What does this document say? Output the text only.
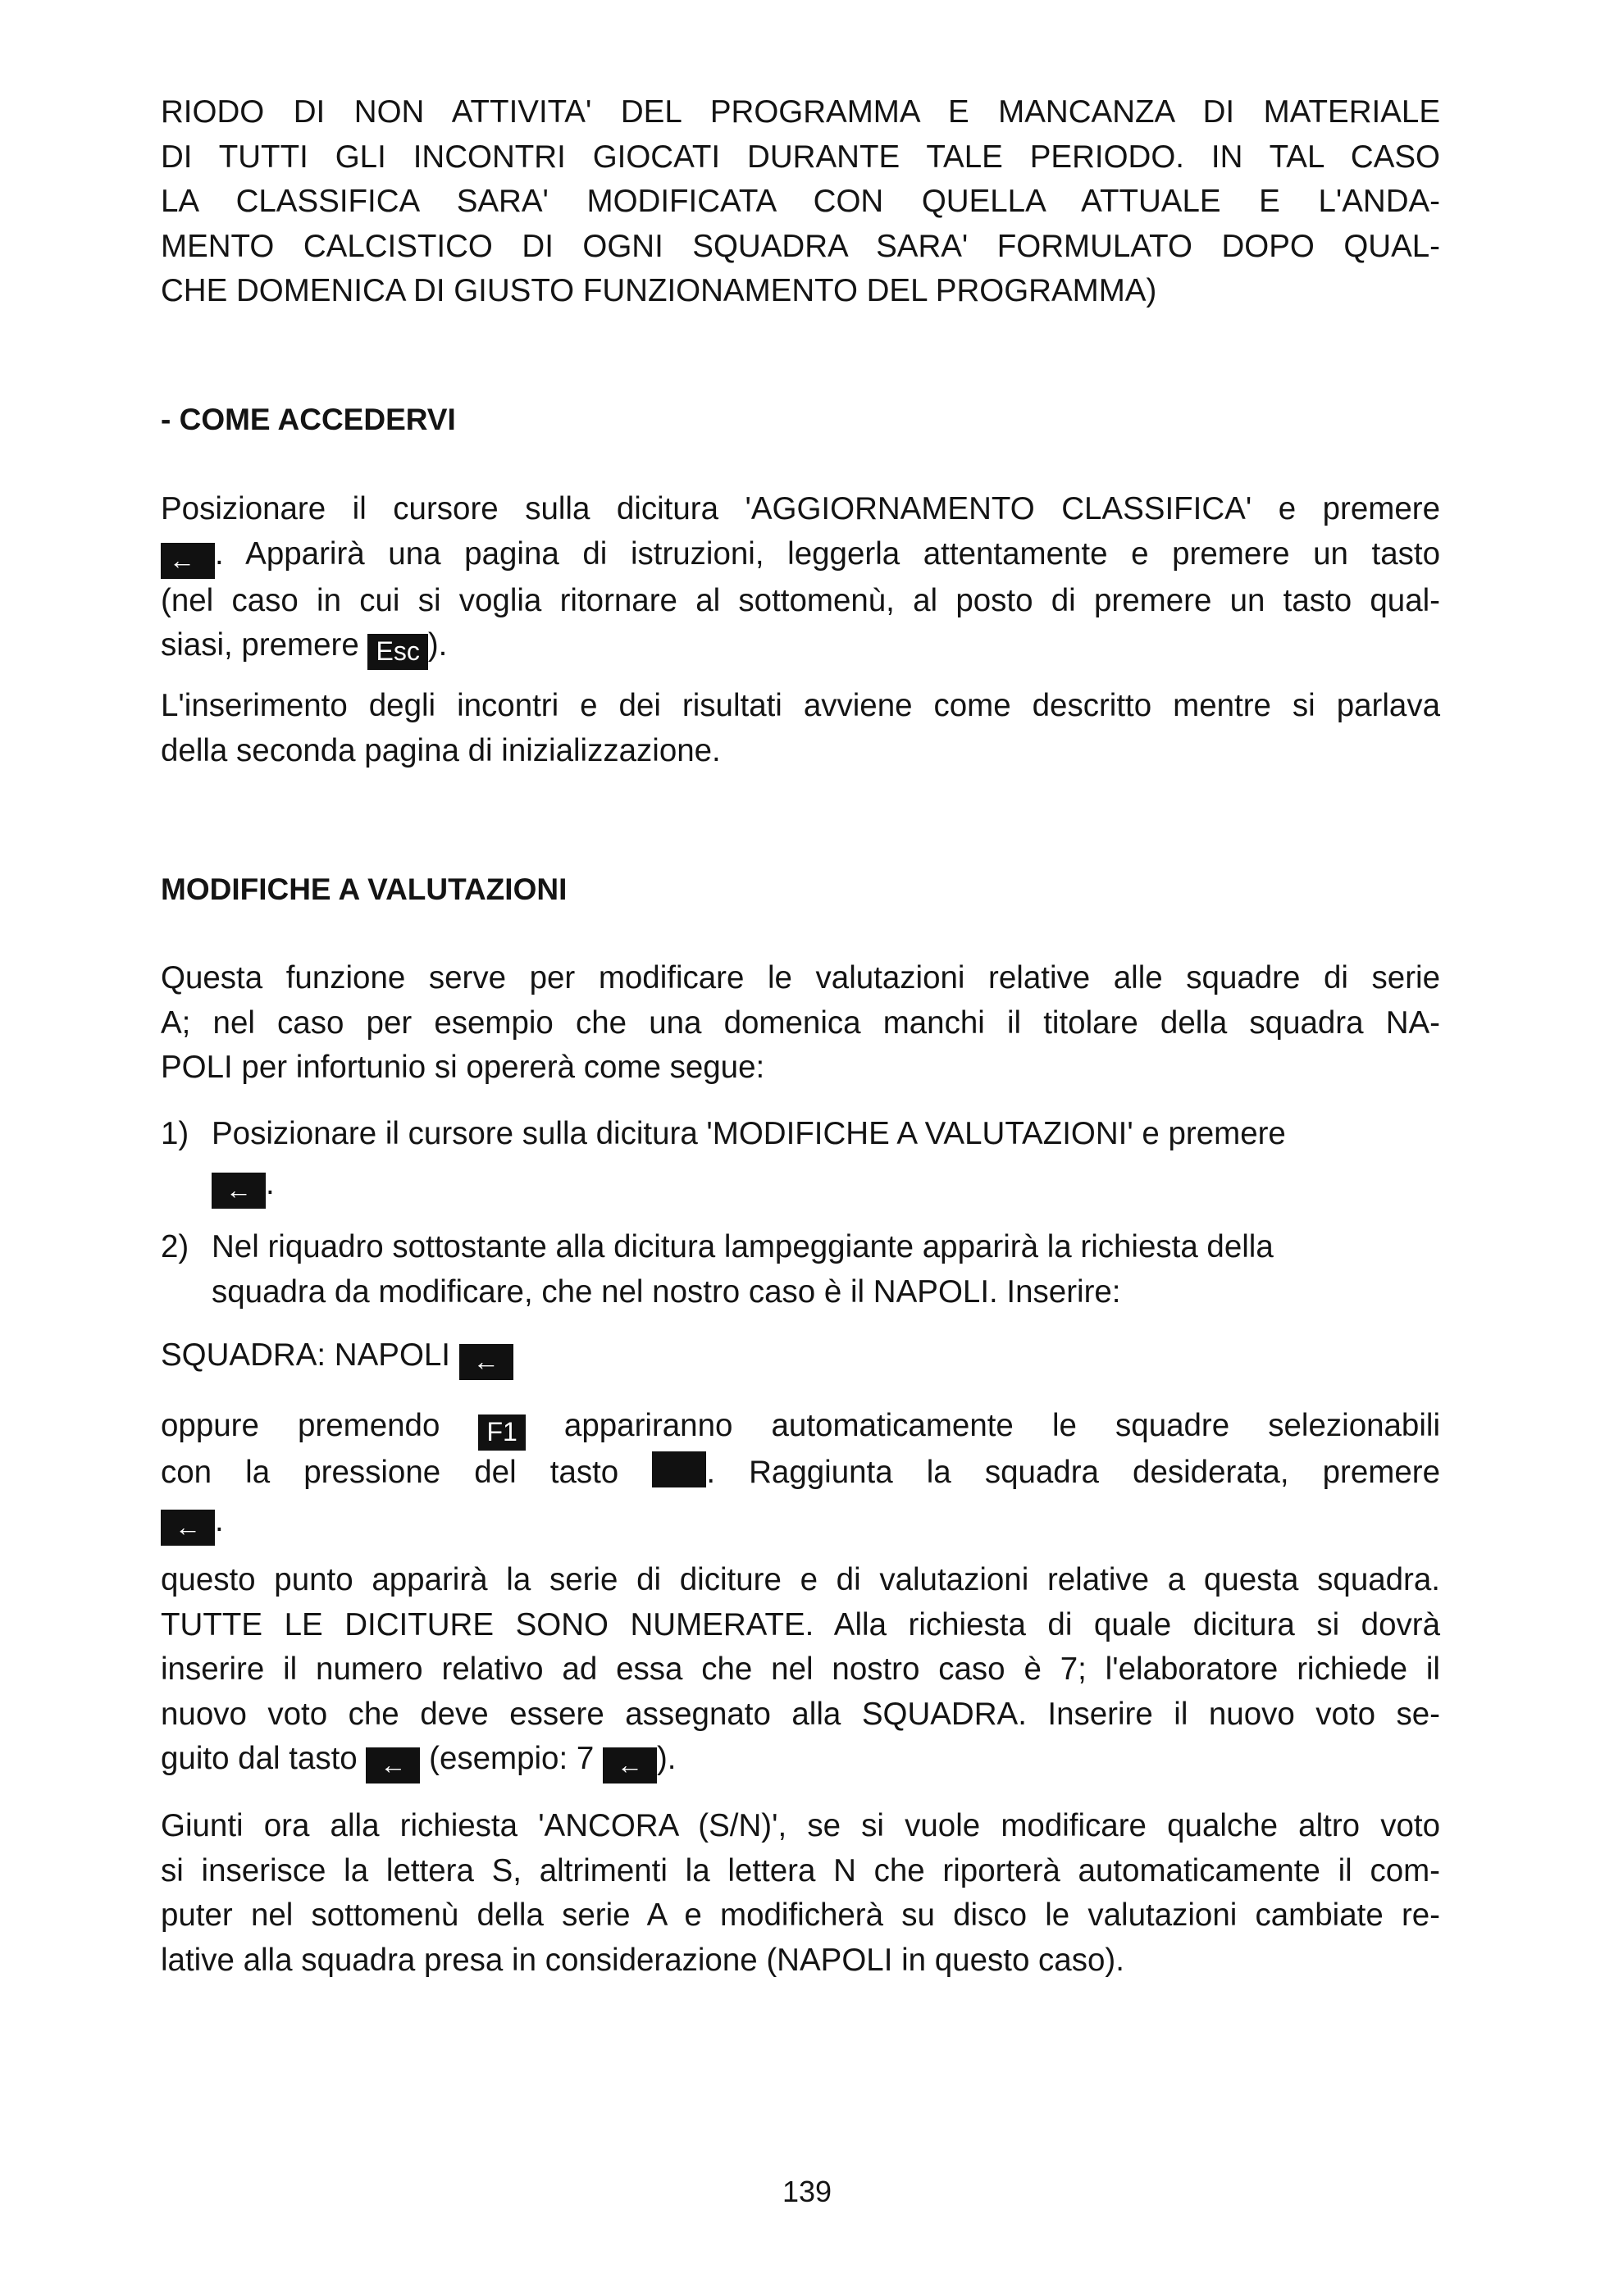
RIODO DI NON ATTIVITA' DEL PROGRAMMA E MANCANZA DI MATERIALE
DI TUTTI GLI INCONTRI GIOCATI DURANTE TALE PERIODO. IN TAL CASO
LA CLASSIFICA SARA' MODIFICATA CON QUELLA ATTUALE E L'ANDA-
MENTO CALCISTICO DI OGNI SQUADRA SARA' FORMULATO DOPO QUAL-
CHE DOMENICA DI GIUSTO FUNZIONAMENTO DEL PROGRAMMA)
- COME ACCEDERVI
Posizionare il cursore sulla dicitura 'AGGIORNAMENTO CLASSIFICA' e premere
← . Apparirà una pagina di istruzioni, leggerla attentamente e premere un tasto
(nel caso in cui si voglia ritornare al sottomenù, al posto di premere un tasto qual-
siasi, premere Esc ).
L'inserimento degli incontri e dei risultati avviene come descritto mentre si parlava
della seconda pagina di inizializzazione.
MODIFICHE A VALUTAZIONI
Questa funzione serve per modificare le valutazioni relative alle squadre di serie
A; nel caso per esempio che una domenica manchi il titolare della squadra NA-
POLI per infortunio si opererà come segue:
1) Posizionare il cursore sulla dicitura 'MODIFICHE A VALUTAZIONI' e premere
← .
2) Nel riquadro sottostante alla dicitura lampeggiante apparirà la richiesta della
squadra da modificare, che nel nostro caso è il NAPOLI. Inserire:
SQUADRA: NAPOLI ←
oppure premendo F1 appariranno automaticamente le squadre selezionabili
con la pressione del tasto . Raggiunta la squadra desiderata, premere
← .
questo punto apparirà la serie di diciture e di valutazioni relative a questa squadra.
TUTTE LE DICITURE SONO NUMERATE. Alla richiesta di quale dicitura si dovrà
inserire il numero relativo ad essa che nel nostro caso è 7; l'elaboratore richiede il
nuovo voto che deve essere assegnato alla SQUADRA. Inserire il nuovo voto se-
guito dal tasto ← (esempio: 7 ← ).
Giunti ora alla richiesta 'ANCORA (S/N)', se si vuole modificare qualche altro voto
si inserisce la lettera S, altrimenti la lettera N che riporterà automaticamente il com-
puter nel sottomenù della serie A e modificherà su disco le valutazioni cambiate re-
lative alla squadra presa in considerazione (NAPOLI in questo caso).
139
